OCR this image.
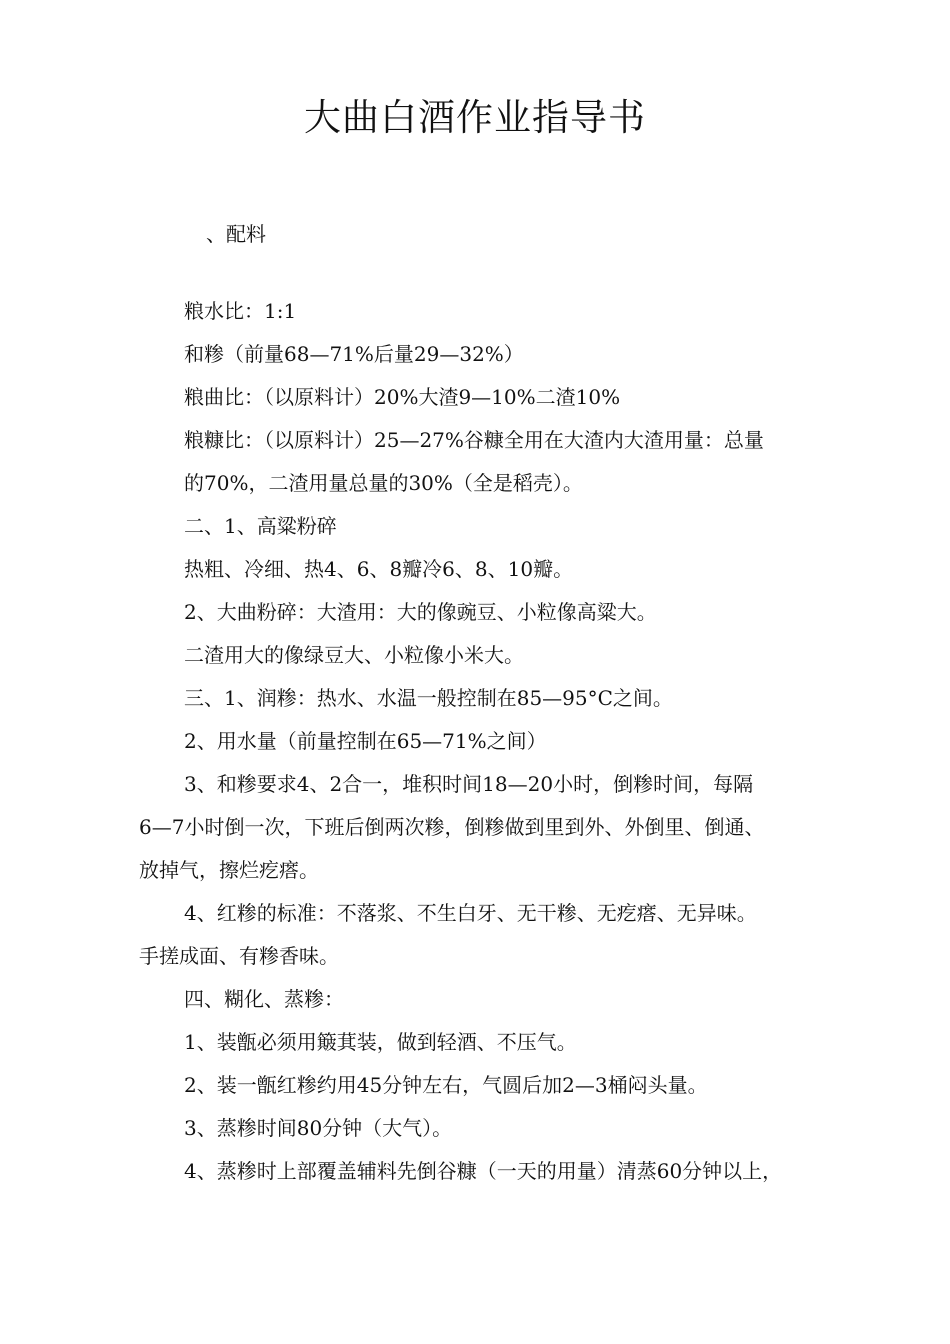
大曲白酒作业指导书

、配料

粮水比：1:1

和糁（前量68—71%后量29—32%）

粮曲比：（以原料计）20%大渣9—10%二渣10%

粮糠比：（以原料计）25—27%谷糠全用在大渣内大渣用量：总量

的70%，二渣用量总量的30%（全是稻壳）。

二、1、高粱粉碎

热粗、冷细、热4、6、8瓣冷6、8、10瓣。

2、大曲粉碎：大渣用：大的像豌豆、小粒像高粱大。

二渣用大的像绿豆大、小粒像小米大。

三、1、润糁：热水、水温一般控制在85—95°C之间。

2、用水量（前量控制在65—71%之间）

3、和糁要求4、2合一，堆积时间18—20小时，倒糁时间，每隔

6—7小时倒一次，下班后倒两次糁，倒糁做到里到外、外倒里、倒通、

放掉气，擦烂疙瘩。

4、红糁的标准：不落浆、不生白牙、无干糁、无疙瘩、无异味。

手搓成面、有糁香味。

四、糊化、蒸糁：

1、装甑必须用簸萁装，做到轻酒、不压气。

2、装一甑红糁约用45分钟左右，气圆后加2—3桶闷头量。

3、蒸糁时间80分钟（大气）。

4、蒸糁时上部覆盖辅料先倒谷糠（一天的用量）清蒸60分钟以上，
